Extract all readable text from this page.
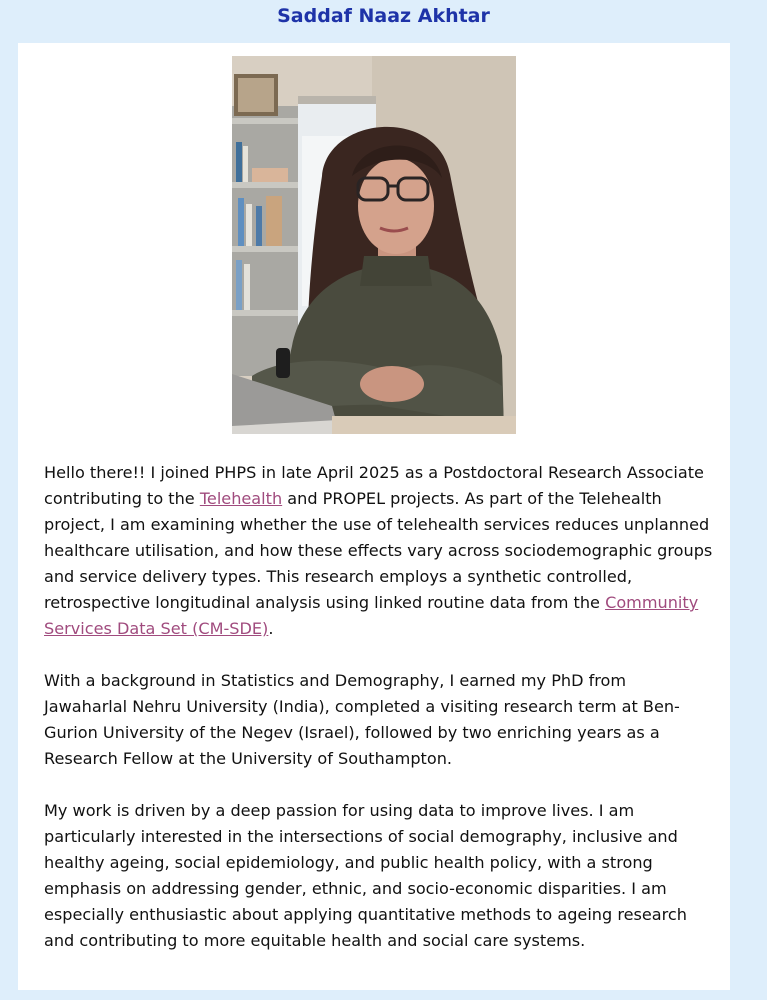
Saddaf Naaz Akhtar

Hello there!! I joined PHPS in late April 2025 as a Postdoctoral Research Associate contributing to the Telehealth and PROPEL projects. As part of the Telehealth project, I am examining whether the use of telehealth services reduces unplanned healthcare utilisation, and how these effects vary across sociodemographic groups and service delivery types. This research employs a synthetic controlled, retrospective longitudinal analysis using linked routine data from the Community Services Data Set (CM-SDE).

With a background in Statistics and Demography, I earned my PhD from Jawaharlal Nehru University (India), completed a visiting research term at Ben-Gurion University of the Negev (Israel), followed by two enriching years as a Research Fellow at the University of Southampton.

My work is driven by a deep passion for using data to improve lives. I am particularly interested in the intersections of social demography, inclusive and healthy ageing, social epidemiology, and public health policy, with a strong emphasis on addressing gender, ethnic, and socio-economic disparities. I am especially enthusiastic about applying quantitative methods to ageing research and contributing to more equitable health and social care systems.
